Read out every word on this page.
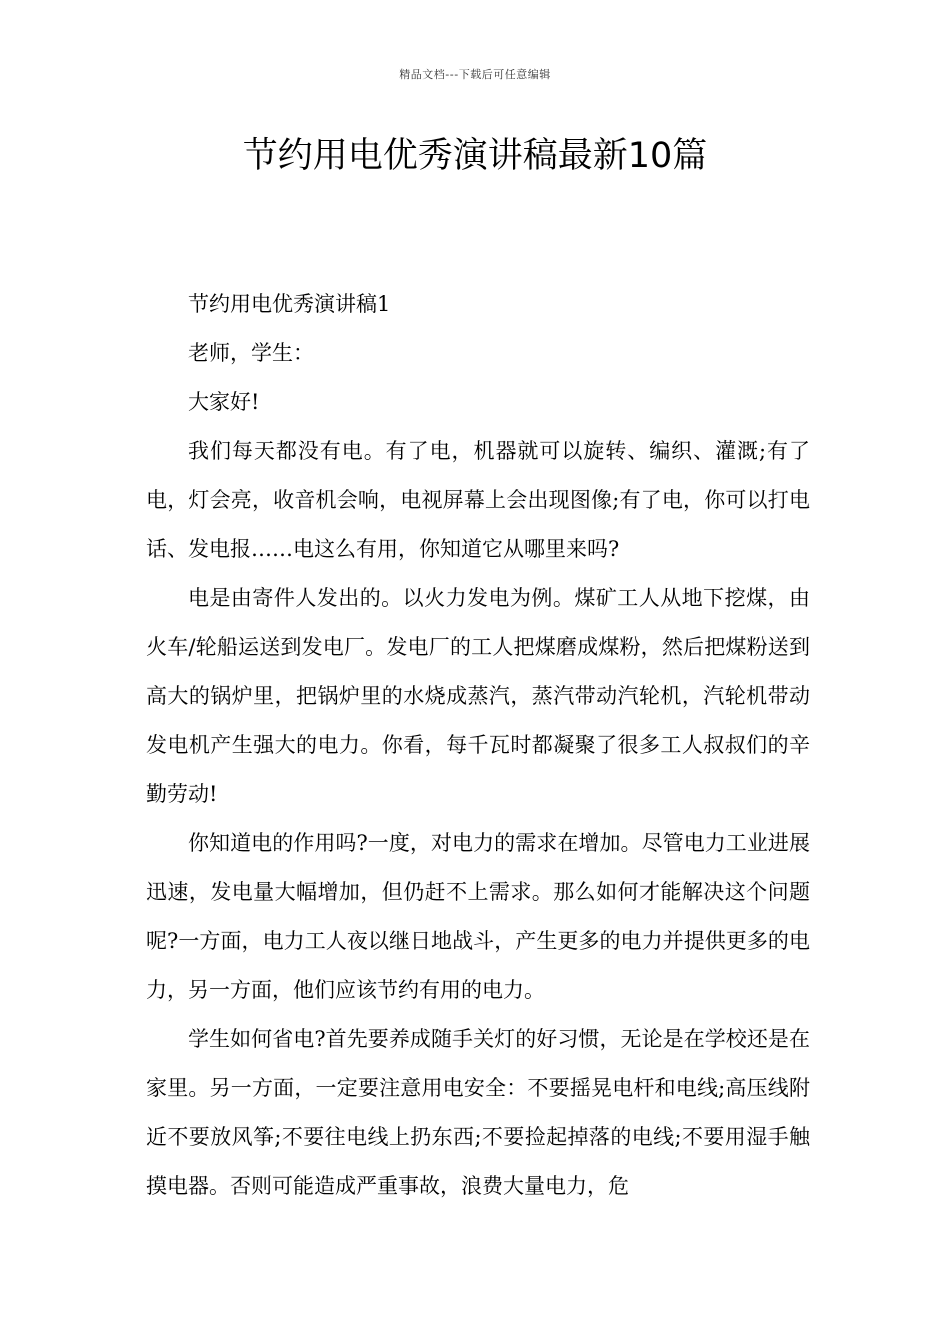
精品文档---下载后可任意编辑
节约用电优秀演讲稿最新10篇

节约用电优秀演讲稿1

老师，学生：

大家好!

我们每天都没有电。有了电，机器就可以旋转、编织、灌溉;有了电，灯会亮，收音机会响，电视屏幕上会出现图像;有了电，你可以打电话、发电报……电这么有用，你知道它从哪里来吗?

电是由寄件人发出的。以火力发电为例。煤矿工人从地下挖煤，由火车/轮船运送到发电厂。发电厂的工人把煤磨成煤粉，然后把煤粉送到高大的锅炉里，把锅炉里的水烧成蒸汽，蒸汽带动汽轮机，汽轮机带动发电机产生强大的电力。你看，每千瓦时都凝聚了很多工人叔叔们的辛勤劳动!

你知道电的作用吗?一度，对电力的需求在增加。尽管电力工业进展迅速，发电量大幅增加，但仍赶不上需求。那么如何才能解决这个问题呢?一方面，电力工人夜以继日地战斗，产生更多的电力并提供更多的电力，另一方面，他们应该节约有用的电力。

学生如何省电?首先要养成随手关灯的好习惯，无论是在学校还是在家里。另一方面，一定要注意用电安全：不要摇晃电杆和电线;高压线附近不要放风筝;不要往电线上扔东西;不要捡起掉落的电线;不要用湿手触摸电器。否则可能造成严重事故，浪费大量电力，危
